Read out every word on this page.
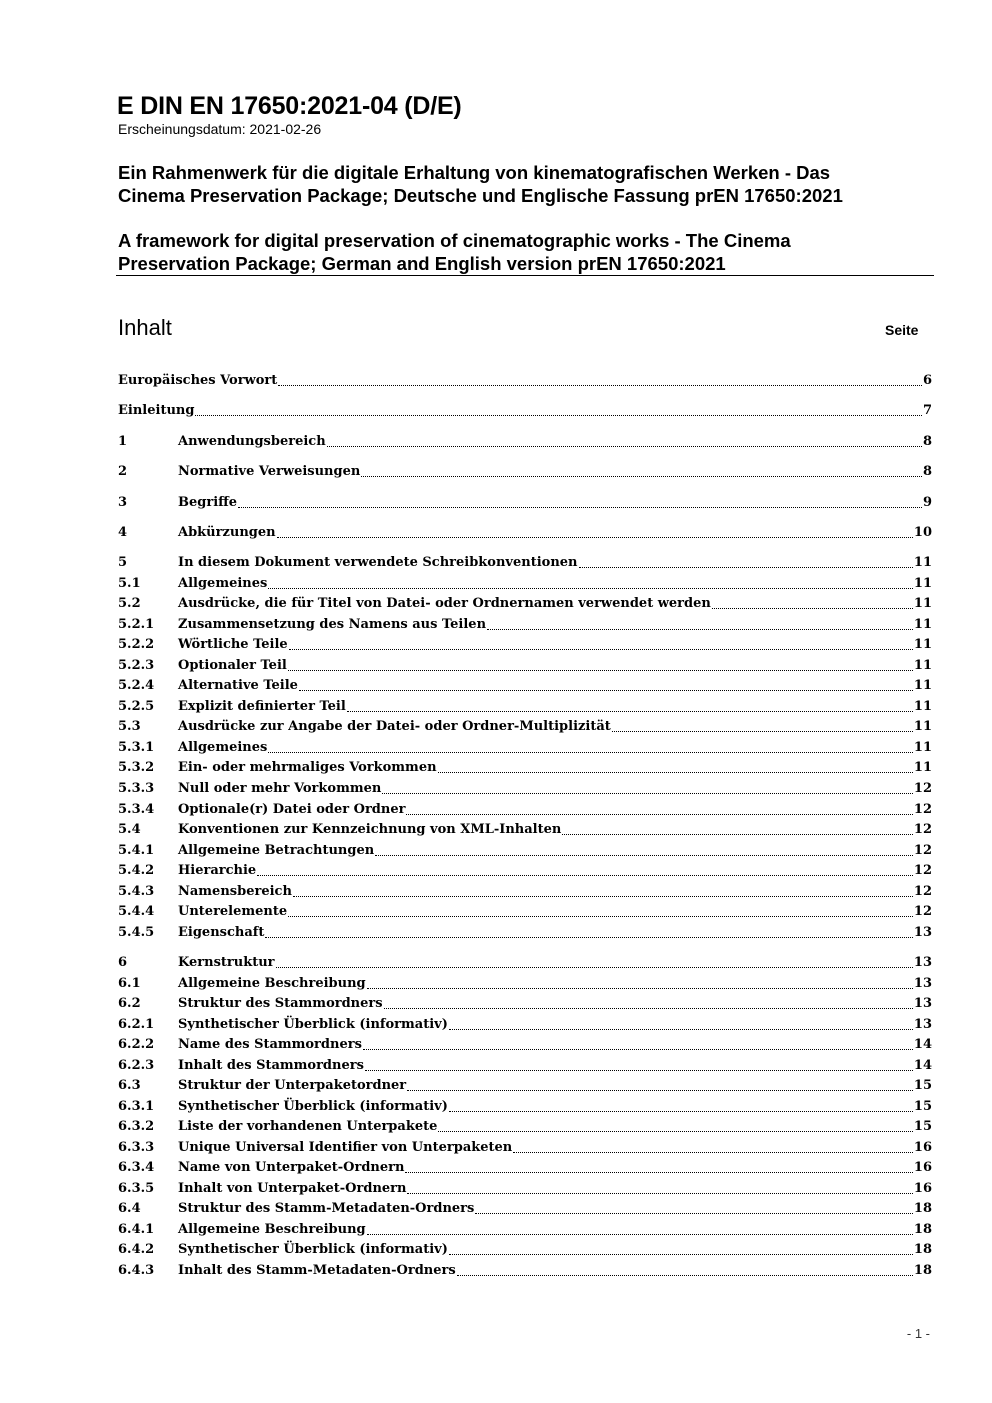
E DIN EN 17650:2021-04 (D/E)
Erscheinungsdatum: 2021-02-26
Ein Rahmenwerk für die digitale Erhaltung von kinematografischen Werken - Das
Cinema Preservation Package; Deutsche und Englische Fassung prEN 17650:2021
A framework for digital preservation of cinematographic works - The Cinema
Preservation Package; German and English version prEN 17650:2021
Inhalt	Seite
Europäisches Vorwort	6
Einleitung	7
1	Anwendungsbereich	8
2	Normative Verweisungen	8
3	Begriffe	9
4	Abkürzungen	10
5	In diesem Dokument verwendete Schreibkonventionen	11
5.1	Allgemeines	11
5.2	Ausdrücke, die für Titel von Datei- oder Ordnernamen verwendet werden	11
5.2.1	Zusammensetzung des Namens aus Teilen	11
5.2.2	Wörtliche Teile	11
5.2.3	Optionaler Teil	11
5.2.4	Alternative Teile	11
5.2.5	Explizit definierter Teil	11
5.3	Ausdrücke zur Angabe der Datei- oder Ordner-Multiplizität	11
5.3.1	Allgemeines	11
5.3.2	Ein- oder mehrmaliges Vorkommen	11
5.3.3	Null oder mehr Vorkommen	12
5.3.4	Optionale(r) Datei oder Ordner	12
5.4	Konventionen zur Kennzeichnung von XML-Inhalten	12
5.4.1	Allgemeine Betrachtungen	12
5.4.2	Hierarchie	12
5.4.3	Namensbereich	12
5.4.4	Unterelemente	12
5.4.5	Eigenschaft	13
6	Kernstruktur	13
6.1	Allgemeine Beschreibung	13
6.2	Struktur des Stammordners	13
6.2.1	Synthetischer Überblick (informativ)	13
6.2.2	Name des Stammordners	14
6.2.3	Inhalt des Stammordners	14
6.3	Struktur der Unterpaketordner	15
6.3.1	Synthetischer Überblick (informativ)	15
6.3.2	Liste der vorhandenen Unterpakete	15
6.3.3	Unique Universal Identifier von Unterpaketen	16
6.3.4	Name von Unterpaket-Ordnern	16
6.3.5	Inhalt von Unterpaket-Ordnern	16
6.4	Struktur des Stamm-Metadaten-Ordners	18
6.4.1	Allgemeine Beschreibung	18
6.4.2	Synthetischer Überblick (informativ)	18
6.4.3	Inhalt des Stamm-Metadaten-Ordners	18
- 1 -
